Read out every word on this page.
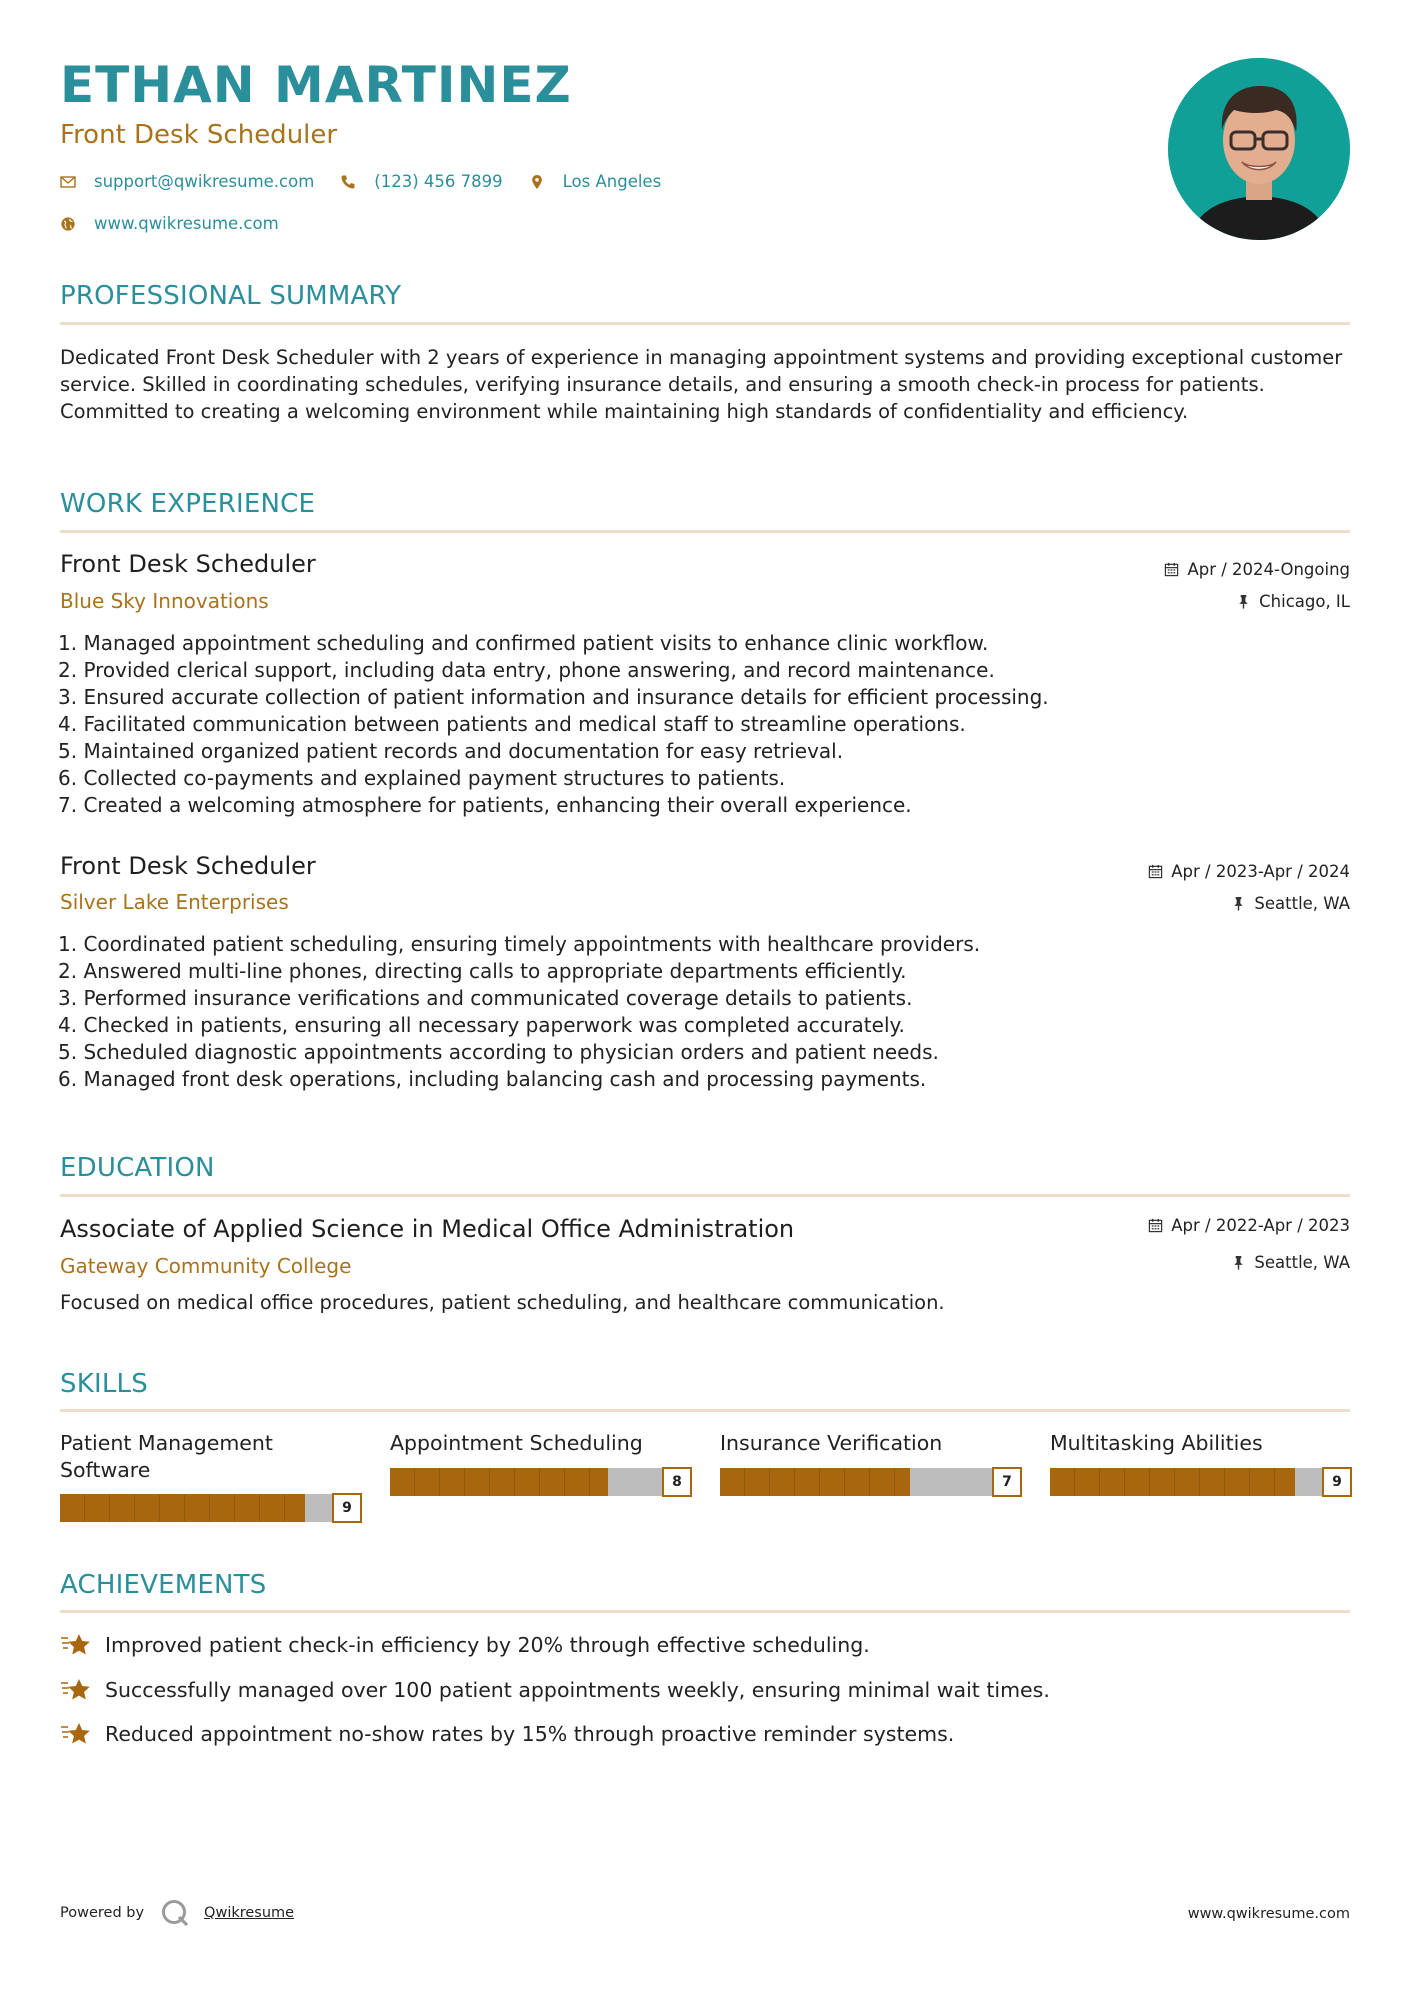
ETHAN MARTINEZ
Front Desk Scheduler
support@qwikresume.com	(123) 456 7899	Los Angeles
www.qwikresume.com
PROFESSIONAL SUMMARY
Dedicated Front Desk Scheduler with 2 years of experience in managing appointment systems and providing exceptional customer service. Skilled in coordinating schedules, verifying insurance details, and ensuring a smooth check-in process for patients. Committed to creating a welcoming environment while maintaining high standards of confidentiality and efficiency.
WORK EXPERIENCE
Front Desk Scheduler
Blue Sky Innovations
Apr / 2024-Ongoing
Chicago, IL
1. Managed appointment scheduling and confirmed patient visits to enhance clinic workflow.
2. Provided clerical support, including data entry, phone answering, and record maintenance.
3. Ensured accurate collection of patient information and insurance details for efficient processing.
4. Facilitated communication between patients and medical staff to streamline operations.
5. Maintained organized patient records and documentation for easy retrieval.
6. Collected co-payments and explained payment structures to patients.
7. Created a welcoming atmosphere for patients, enhancing their overall experience.
Front Desk Scheduler
Silver Lake Enterprises
Apr / 2023-Apr / 2024
Seattle, WA
1. Coordinated patient scheduling, ensuring timely appointments with healthcare providers.
2. Answered multi-line phones, directing calls to appropriate departments efficiently.
3. Performed insurance verifications and communicated coverage details to patients.
4. Checked in patients, ensuring all necessary paperwork was completed accurately.
5. Scheduled diagnostic appointments according to physician orders and patient needs.
6. Managed front desk operations, including balancing cash and processing payments.
EDUCATION
Associate of Applied Science in Medical Office Administration
Gateway Community College
Apr / 2022-Apr / 2023
Seattle, WA
Focused on medical office procedures, patient scheduling, and healthcare communication.
SKILLS
Patient Management Software
9
Appointment Scheduling
8
Insurance Verification
7
Multitasking Abilities
9
ACHIEVEMENTS
Improved patient check-in efficiency by 20% through effective scheduling.
Successfully managed over 100 patient appointments weekly, ensuring minimal wait times.
Reduced appointment no-show rates by 15% through proactive reminder systems.
Powered by	Qwikresume	www.qwikresume.com
